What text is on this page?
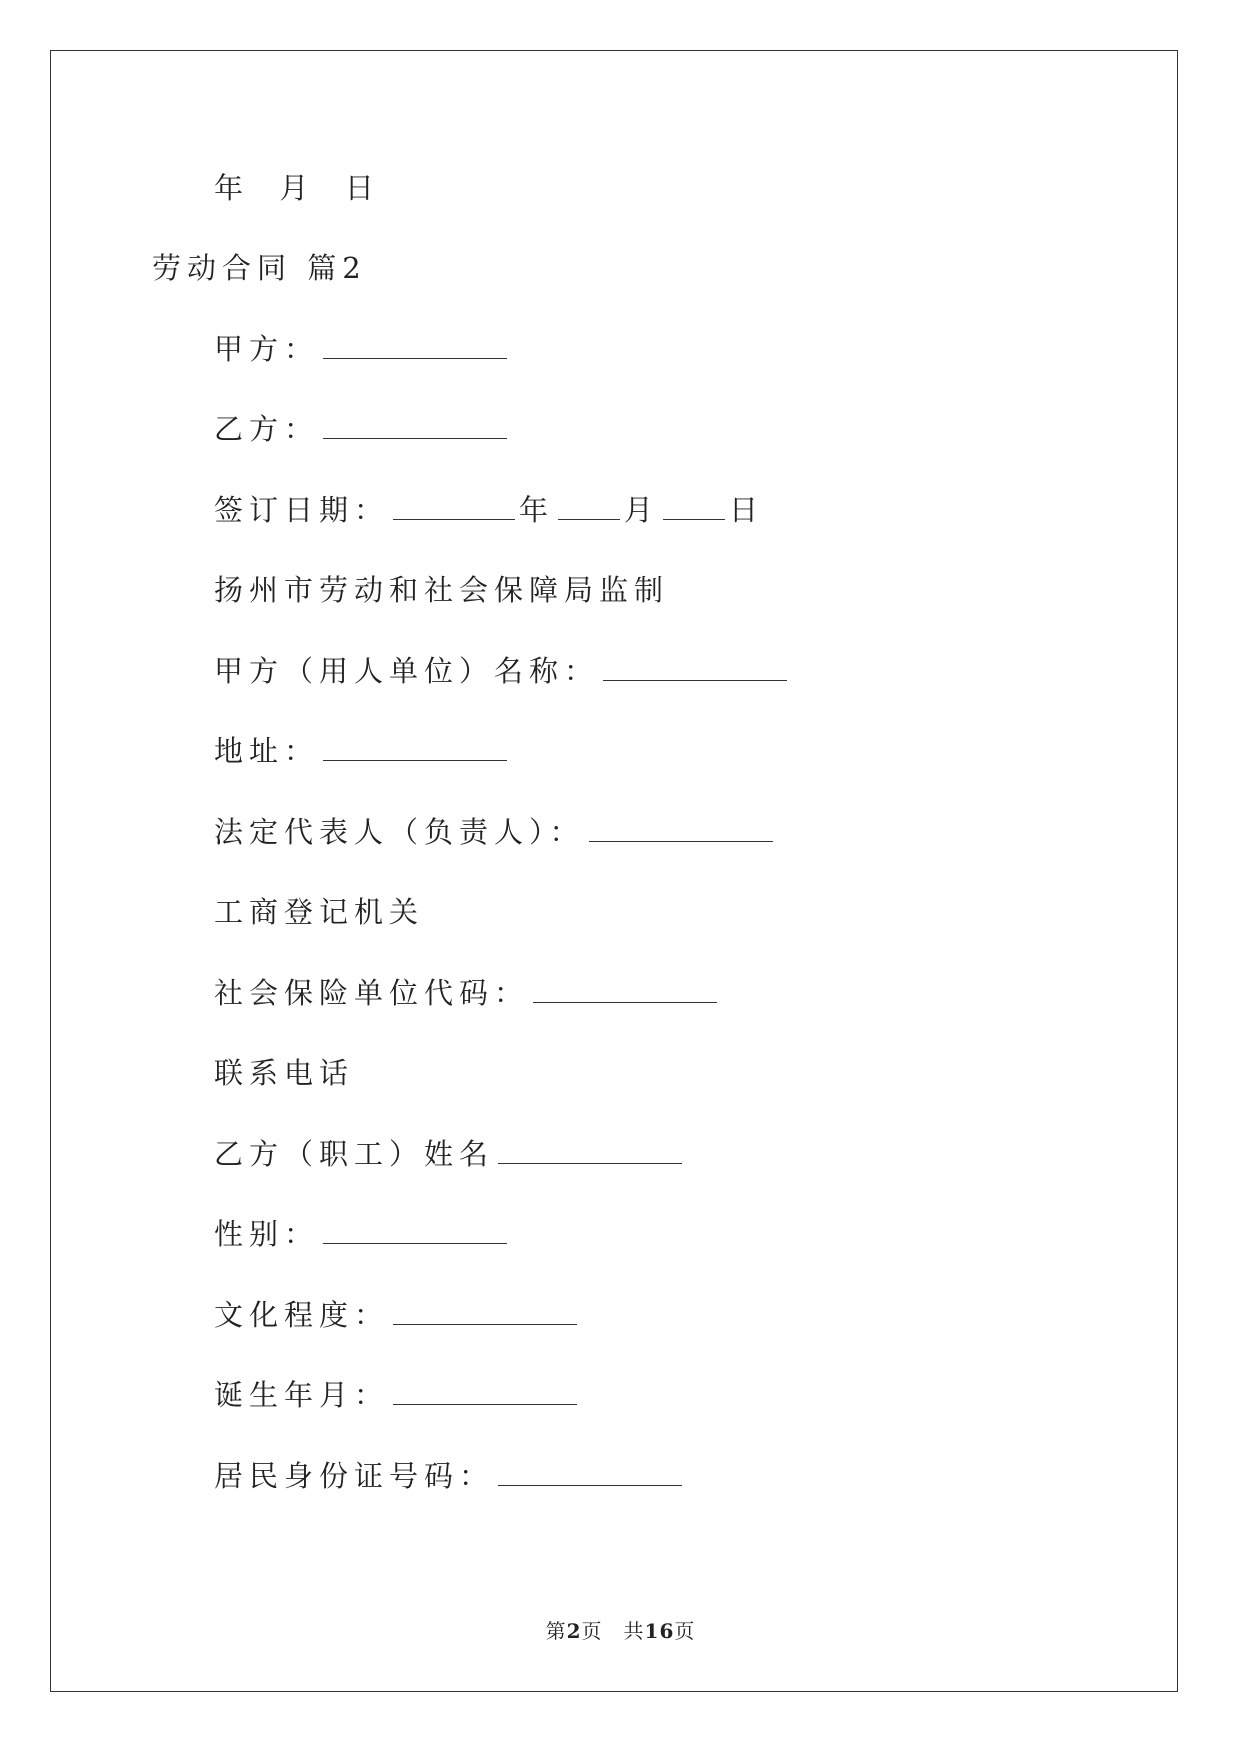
年  月  日
劳动合同 篇2
甲方：
乙方：
签订日期：	年 月 日
扬州市劳动和社会保障局监制
甲方（用人单位）名称：
地址：
法定代表人（负责人）：
工商登记机关
社会保险单位代码：
联系电话
乙方（职工）姓名
性别：
文化程度：
诞生年月：
居民身份证号码：
第2页　共16页
